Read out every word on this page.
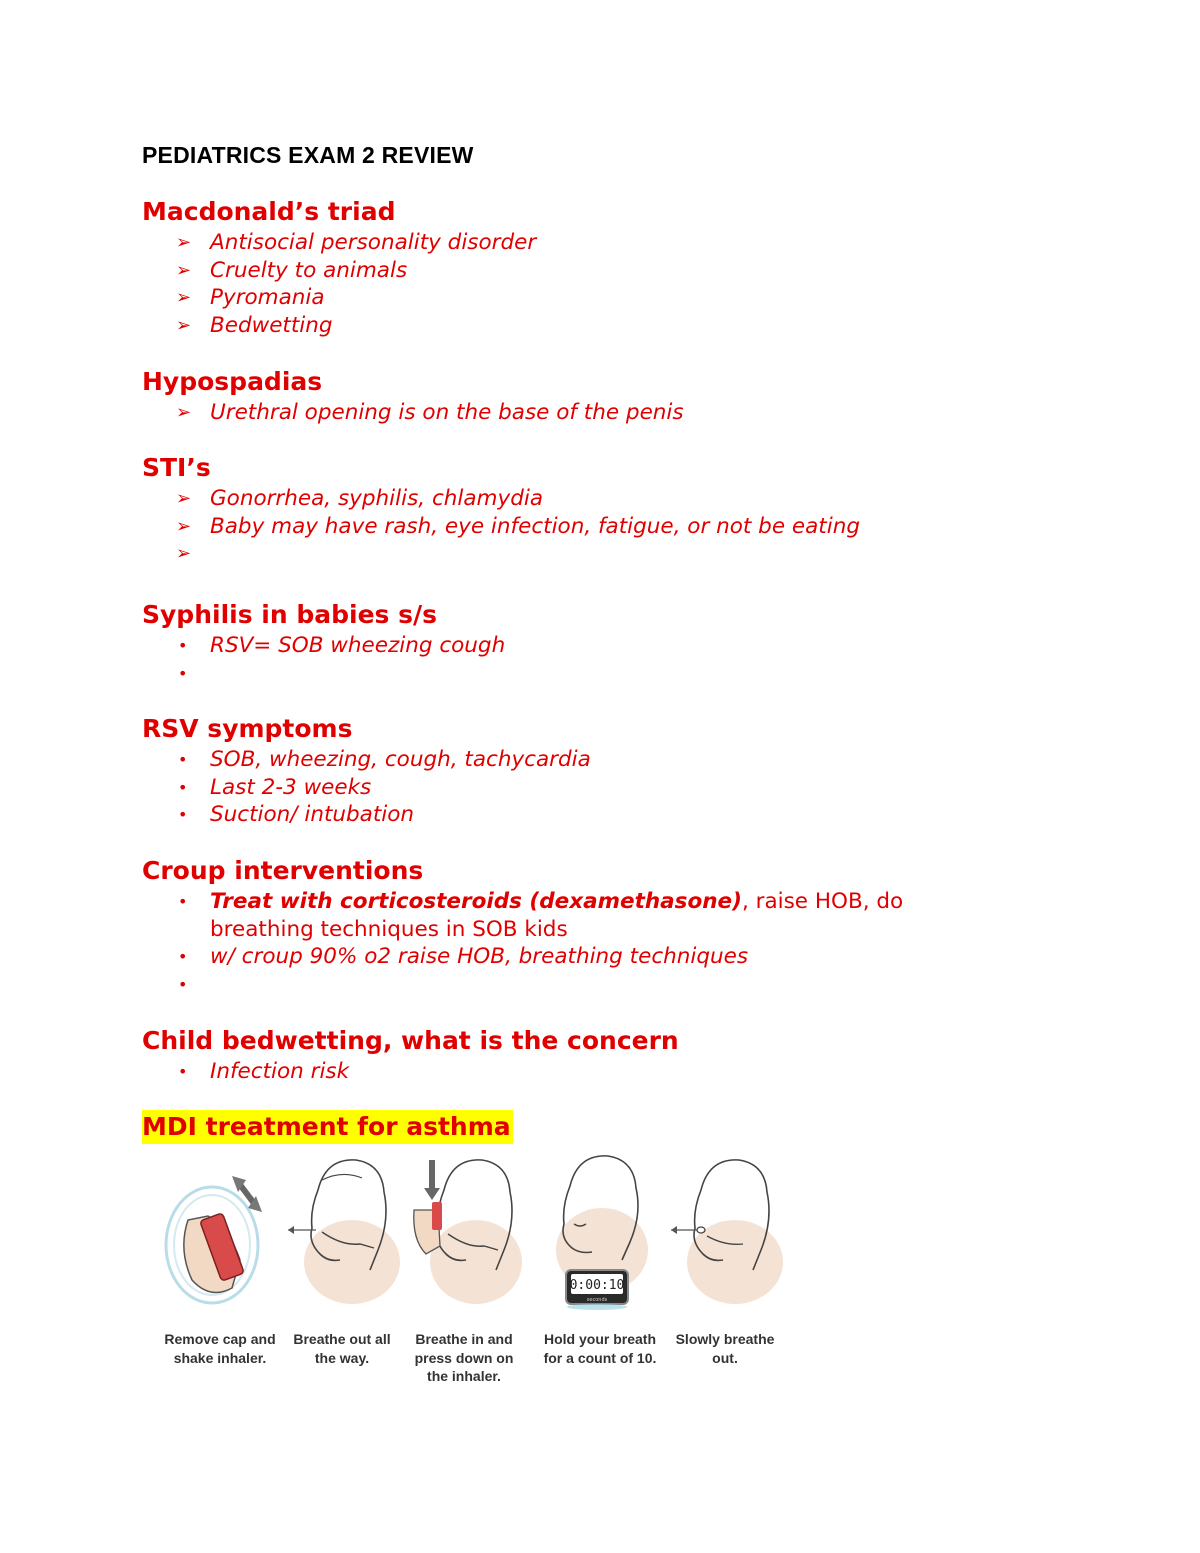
PEDIATRICS EXAM 2 REVIEW
Macdonald’s triad
➢ Antisocial personality disorder
➢ Cruelty to animals
➢ Pyromania
➢ Bedwetting
Hypospadias
➢ Urethral opening is on the base of the penis
STI’s
➢ Gonorrhea, syphilis, chlamydia
➢ Baby may have rash, eye infection, fatigue, or not be eating
➢
Syphilis in babies s/s
• RSV= SOB wheezing cough
•
RSV symptoms
• SOB, wheezing, cough, tachycardia
• Last 2-3 weeks
• Suction/ intubation
Croup interventions
• Treat with corticosteroids (dexamethasone), raise HOB, do breathing techniques in SOB kids
• w/ croup 90% o2 raise HOB, breathing techniques
•
Child bedwetting, what is the concern
• Infection risk
MDI treatment for asthma
Remove cap and shake inhaler.
Breathe out all the way.
Breathe in and press down on the inhaler.
0:00:10
seconds
Hold your breath for a count of 10.
Slowly breathe out.
